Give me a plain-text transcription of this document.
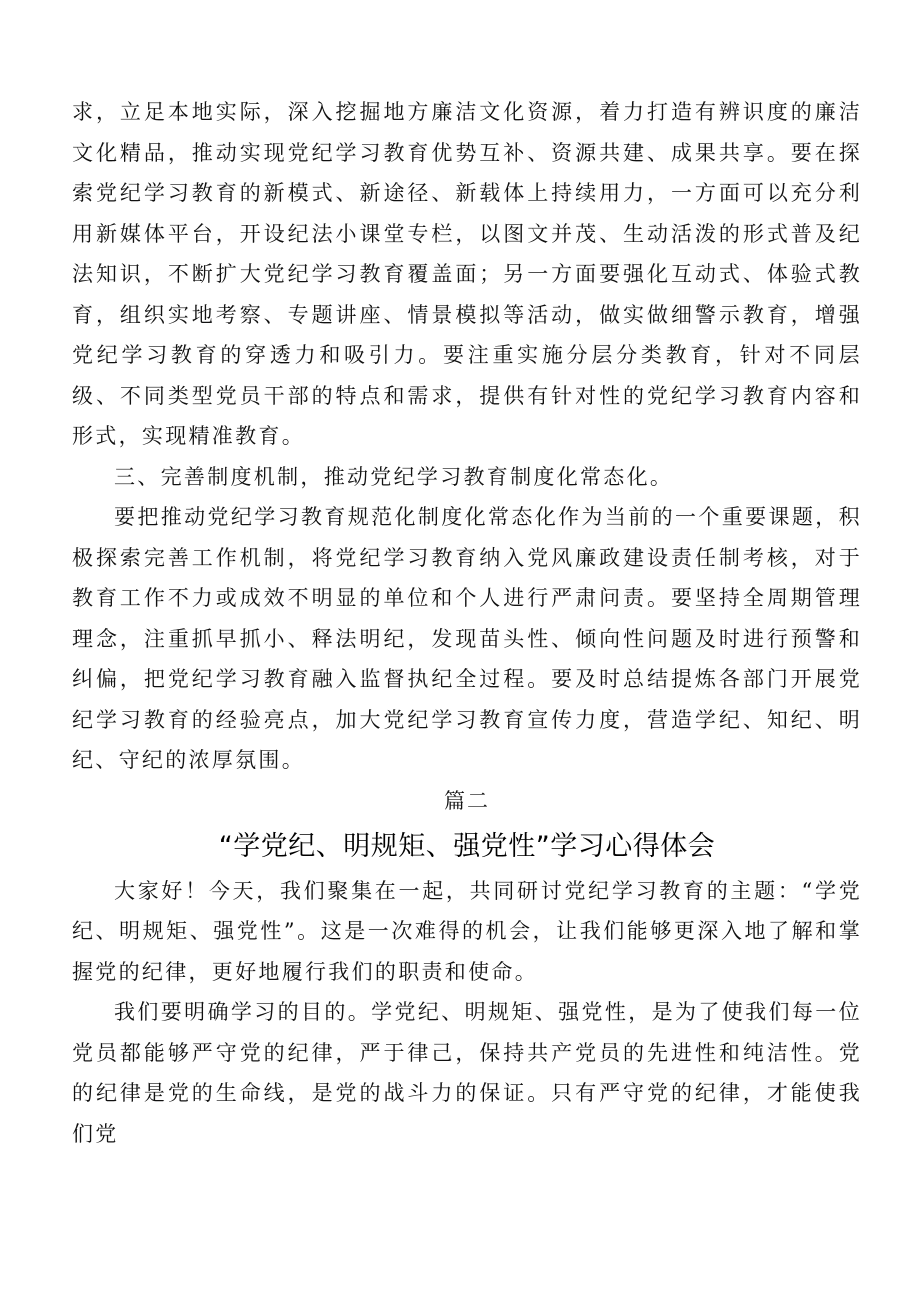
求，立足本地实际，深入挖掘地方廉洁文化资源，着力打造有辨识度的廉洁文化精品，推动实现党纪学习教育优势互补、资源共建、成果共享。要在探索党纪学习教育的新模式、新途径、新载体上持续用力，一方面可以充分利用新媒体平台，开设纪法小课堂专栏，以图文并茂、生动活泼的形式普及纪法知识，不断扩大党纪学习教育覆盖面；另一方面要强化互动式、体验式教育，组织实地考察、专题讲座、情景模拟等活动，做实做细警示教育，增强党纪学习教育的穿透力和吸引力。要注重实施分层分类教育，针对不同层级、不同类型党员干部的特点和需求，提供有针对性的党纪学习教育内容和形式，实现精准教育。

三、完善制度机制，推动党纪学习教育制度化常态化。

要把推动党纪学习教育规范化制度化常态化作为当前的一个重要课题，积极探索完善工作机制，将党纪学习教育纳入党风廉政建设责任制考核，对于教育工作不力或成效不明显的单位和个人进行严肃问责。要坚持全周期管理理念，注重抓早抓小、释法明纪，发现苗头性、倾向性问题及时进行预警和纠偏，把党纪学习教育融入监督执纪全过程。要及时总结提炼各部门开展党纪学习教育的经验亮点，加大党纪学习教育宣传力度，营造学纪、知纪、明纪、守纪的浓厚氛围。

篇二

“学党纪、明规矩、强党性”学习心得体会

大家好！今天，我们聚集在一起，共同研讨党纪学习教育的主题：“学党纪、明规矩、强党性”。这是一次难得的机会，让我们能够更深入地了解和掌握党的纪律，更好地履行我们的职责和使命。

我们要明确学习的目的。学党纪、明规矩、强党性，是为了使我们每一位党员都能够严守党的纪律，严于律己，保持共产党员的先进性和纯洁性。党的纪律是党的生命线，是党的战斗力的保证。只有严守党的纪律，才能使我们党
